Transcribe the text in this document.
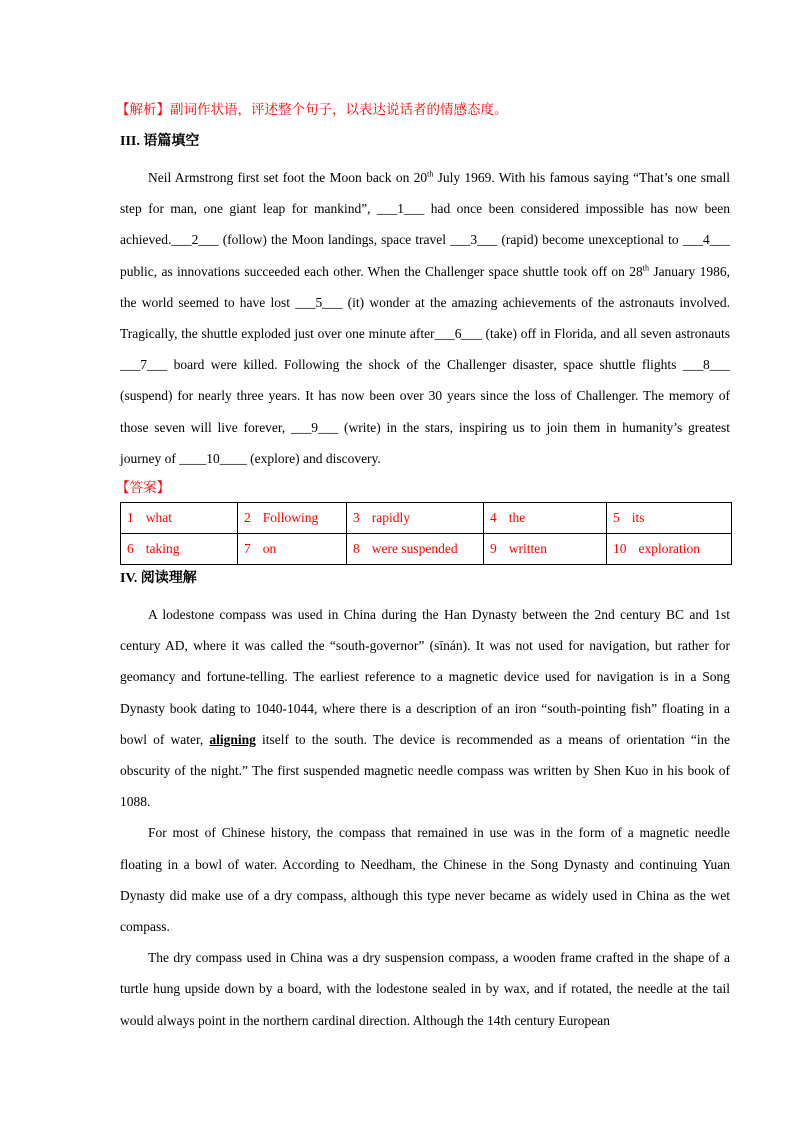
【解析】副词作状语，评述整个句子，以表达说话者的情感态度。
III. 语篇填空

Neil Armstrong first set foot the Moon back on 20th July 1969. With his famous saying “That’s one small step for man, one giant leap for mankind”, ___1___ had once been considered impossible has now been achieved.___2___ (follow) the Moon landings, space travel ___3___ (rapid) become unexceptional to ___4___ public, as innovations succeeded each other. When the Challenger space shuttle took off on 28th January 1986, the world seemed to have lost ___5___ (it) wonder at the amazing achievements of the astronauts involved. Tragically, the shuttle exploded just over one minute after___6___ (take) off in Florida, and all seven astronauts ___7___ board were killed. Following the shock of the Challenger disaster, space shuttle flights ___8___ (suspend) for nearly three years. It has now been over 30 years since the loss of Challenger. The memory of those seven will live forever, ___9___ (write) in the stars, inspiring us to join them in humanity’s greatest journey of ____10____ (explore) and discovery.

【答案】
1 what	2 Following	3 rapidly	4 the	5 its
6 taking	7 on	8 were suspended	9 written	10 exploration
IV. 阅读理解

A lodestone compass was used in China during the Han Dynasty between the 2nd century BC and 1st century AD, where it was called the “south-governor” (sīnán). It was not used for navigation, but rather for geomancy and fortune-telling. The earliest reference to a magnetic device used for navigation is in a Song Dynasty book dating to 1040-1044, where there is a description of an iron “south-pointing fish” floating in a bowl of water, aligning itself to the south. The device is recommended as a means of orientation “in the obscurity of the night.” The first suspended magnetic needle compass was written by Shen Kuo in his book of 1088.

For most of Chinese history, the compass that remained in use was in the form of a magnetic needle floating in a bowl of water. According to Needham, the Chinese in the Song Dynasty and continuing Yuan Dynasty did make use of a dry compass, although this type never became as widely used in China as the wet compass.

The dry compass used in China was a dry suspension compass, a wooden frame crafted in the shape of a turtle hung upside down by a board, with the lodestone sealed in by wax, and if rotated, the needle at the tail would always point in the northern cardinal direction. Although the 14th century European
